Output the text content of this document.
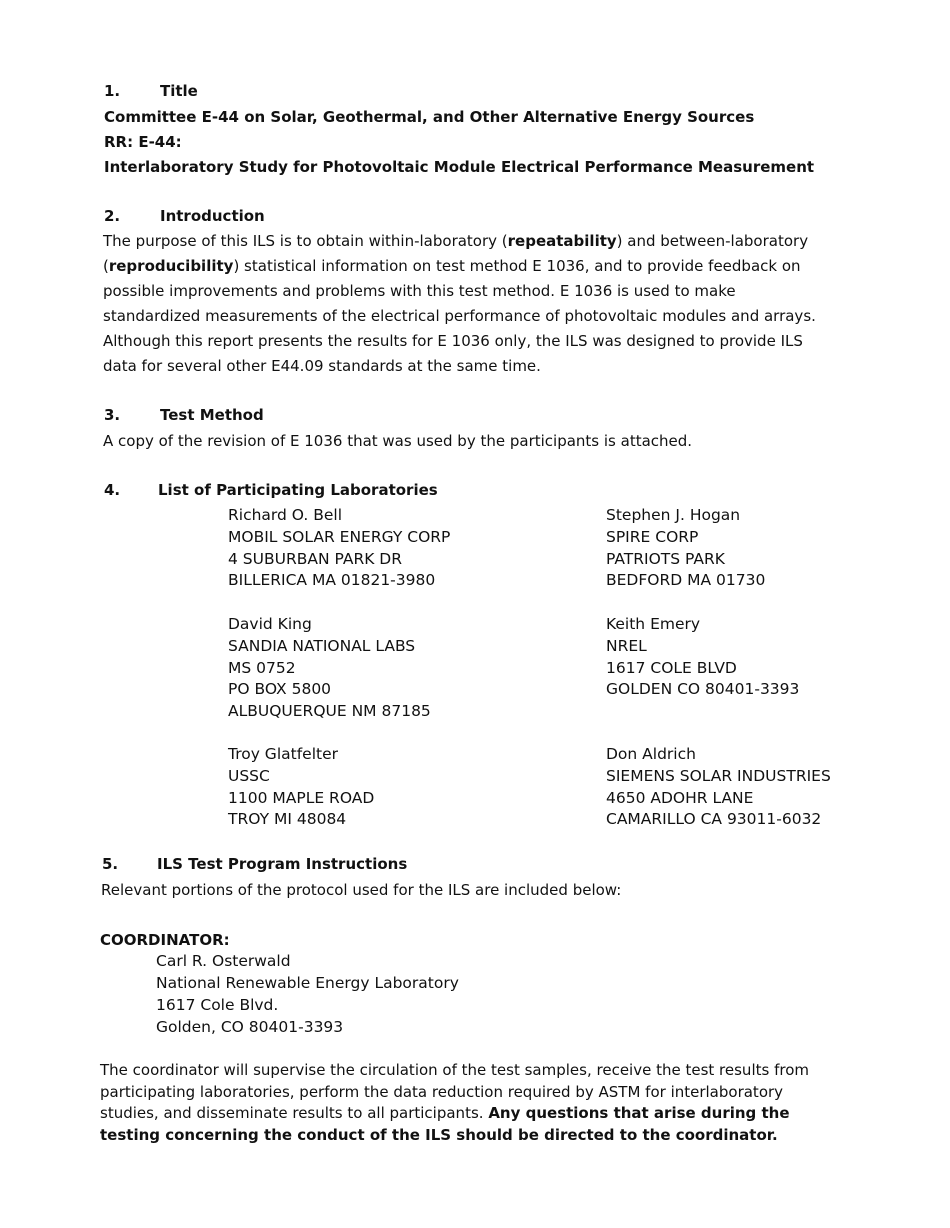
1.	Title
Committee E-44 on Solar, Geothermal, and Other Alternative Energy Sources
RR: E-44:
Interlaboratory Study for Photovoltaic Module Electrical Performance Measurement
2.	Introduction
The purpose of this ILS is to obtain within-laboratory (repeatability) and between-laboratory (reproducibility) statistical information on test method E 1036, and to provide feedback on possible improvements and problems with this test method. E 1036 is used to make standardized measurements of the electrical performance of photovoltaic modules and arrays. Although this report presents the results for E 1036 only, the ILS was designed to provide ILS data for several other E44.09 standards at the same time.
3.	Test Method
A copy of the revision of E 1036 that was used by the participants is attached.
4.	List of Participating Laboratories
Richard O. Bell
MOBIL SOLAR ENERGY CORP
4 SUBURBAN PARK DR
BILLERICA MA 01821-3980
Stephen J. Hogan
SPIRE CORP
PATRIOTS PARK
BEDFORD MA 01730
David King
SANDIA NATIONAL LABS
MS 0752
PO BOX 5800
ALBUQUERQUE NM 87185
Keith Emery
NREL
1617 COLE BLVD
GOLDEN CO 80401-3393
Troy Glatfelter
USSC
1100 MAPLE ROAD
TROY MI 48084
Don Aldrich
SIEMENS SOLAR INDUSTRIES
4650 ADOHR LANE
CAMARILLO CA 93011-6032
5.	ILS Test Program Instructions
Relevant portions of the protocol used for the ILS are included below:
COORDINATOR:
Carl R. Osterwald
National Renewable Energy Laboratory
1617 Cole Blvd.
Golden, CO 80401-3393
The coordinator will supervise the circulation of the test samples, receive the test results from participating laboratories, perform the data reduction required by ASTM for interlaboratory studies, and disseminate results to all participants. Any questions that arise during the testing concerning the conduct of the ILS should be directed to the coordinator.
